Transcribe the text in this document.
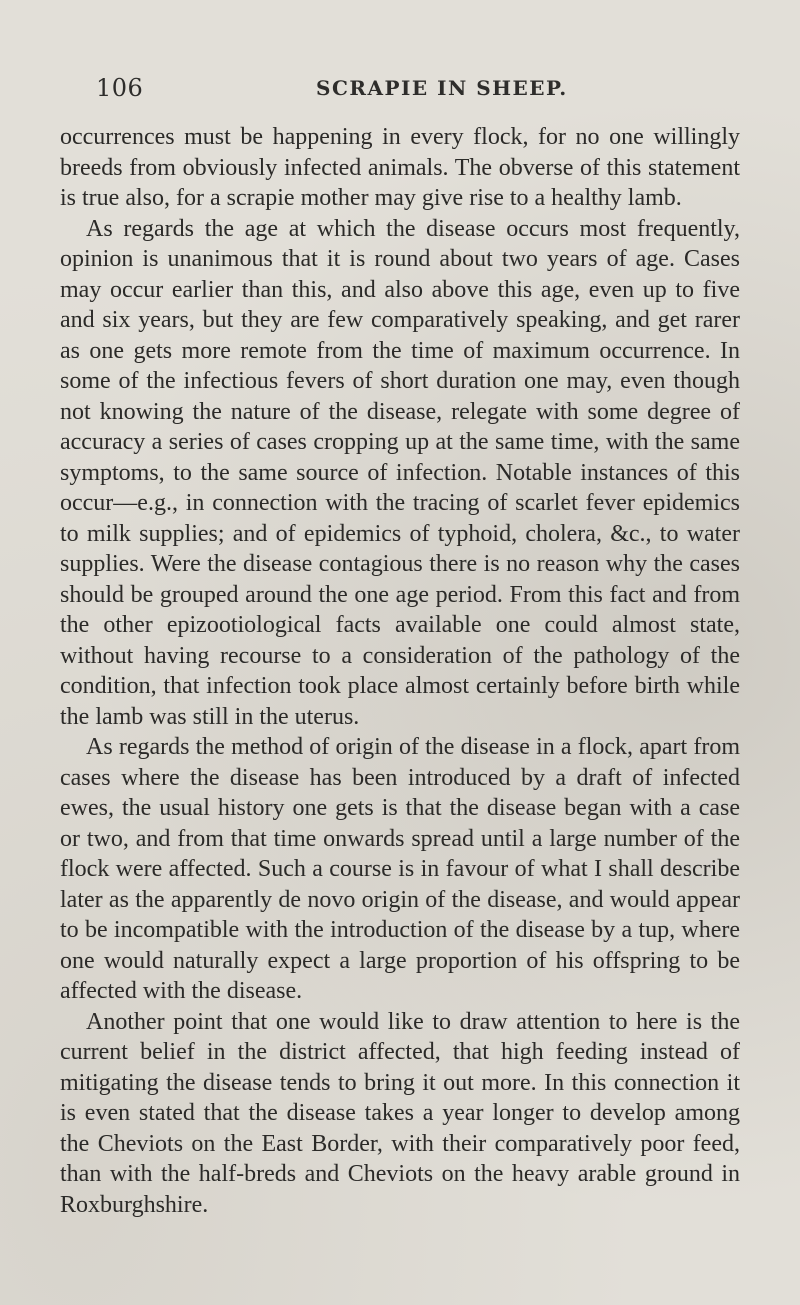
106	SCRAPIE IN SHEEP.

occurrences must be happening in every flock, for no one willingly breeds from obviously infected animals. The obverse of this statement is true also, for a scrapie mother may give rise to a healthy lamb.

As regards the age at which the disease occurs most frequently, opinion is unanimous that it is round about two years of age. Cases may occur earlier than this, and also above this age, even up to five and six years, but they are few comparatively speaking, and get rarer as one gets more remote from the time of maximum occurrence. In some of the infectious fevers of short duration one may, even though not knowing the nature of the disease, relegate with some degree of accuracy a series of cases cropping up at the same time, with the same symptoms, to the same source of infection. Notable instances of this occur—e.g., in connection with the tracing of scarlet fever epidemics to milk supplies; and of epidemics of typhoid, cholera, &c., to water supplies. Were the disease contagious there is no reason why the cases should be grouped around the one age period. From this fact and from the other epizootiological facts available one could almost state, without having recourse to a consideration of the pathology of the condition, that infection took place almost certainly before birth while the lamb was still in the uterus.

As regards the method of origin of the disease in a flock, apart from cases where the disease has been introduced by a draft of infected ewes, the usual history one gets is that the disease began with a case or two, and from that time onwards spread until a large number of the flock were affected. Such a course is in favour of what I shall describe later as the apparently de novo origin of the disease, and would appear to be incompatible with the introduction of the disease by a tup, where one would naturally expect a large proportion of his offspring to be affected with the disease.

Another point that one would like to draw attention to here is the current belief in the district affected, that high feeding instead of mitigating the disease tends to bring it out more. In this connection it is even stated that the disease takes a year longer to develop among the Cheviots on the East Border, with their comparatively poor feed, than with the half-breds and Cheviots on the heavy arable ground in Roxburghshire.
